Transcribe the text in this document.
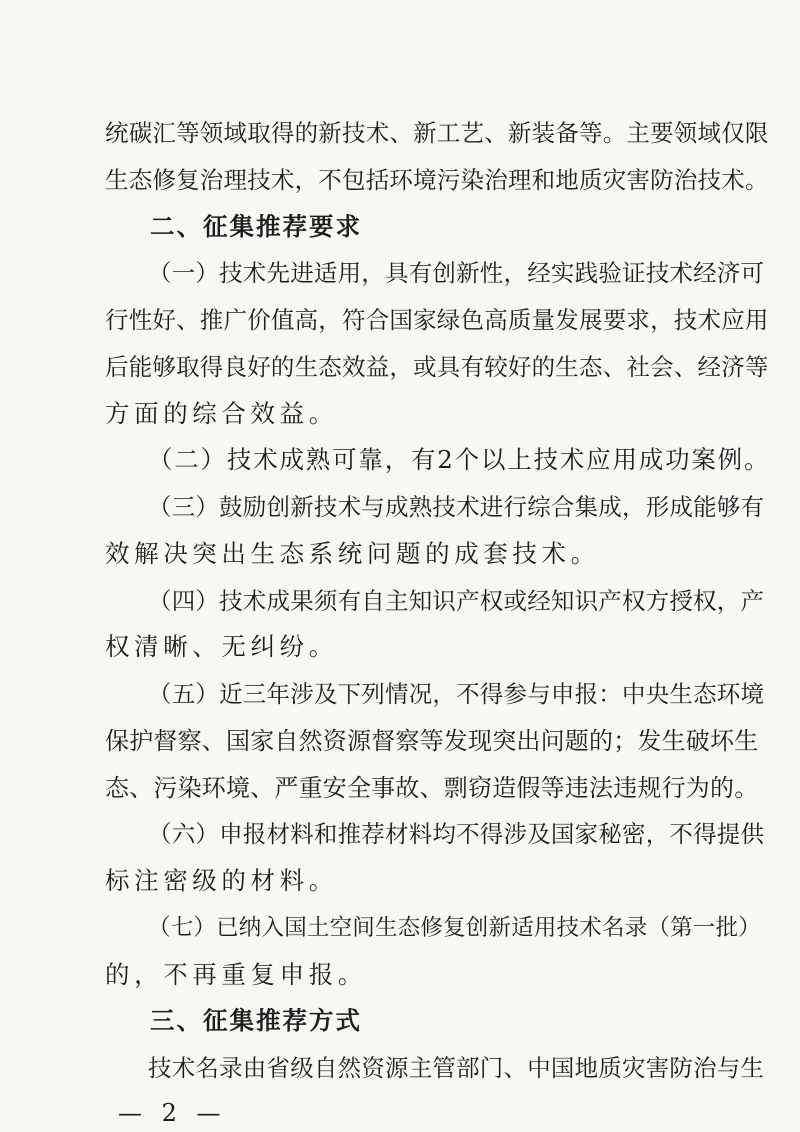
统碳汇等领域取得的新技术、新工艺、新装备等。主要领域仅限
生态修复治理技术，不包括环境污染治理和地质灾害防治技术。
二、征集推荐要求
（一）技术先进适用，具有创新性，经实践验证技术经济可
行性好、推广价值高，符合国家绿色高质量发展要求，技术应用
后能够取得良好的生态效益，或具有较好的生态、社会、经济等
方面的综合效益。
（二）技术成熟可靠，有2个以上技术应用成功案例。
（三）鼓励创新技术与成熟技术进行综合集成，形成能够有
效解决突出生态系统问题的成套技术。
（四）技术成果须有自主知识产权或经知识产权方授权，产
权清晰、无纠纷。
（五）近三年涉及下列情况，不得参与申报：中央生态环境
保护督察、国家自然资源督察等发现突出问题的；发生破坏生
态、污染环境、严重安全事故、剽窃造假等违法违规行为的。
（六）申报材料和推荐材料均不得涉及国家秘密，不得提供
标注密级的材料。
（七）已纳入国土空间生态修复创新适用技术名录（第一批）
的，不再重复申报。
三、征集推荐方式
技术名录由省级自然资源主管部门、中国地质灾害防治与生
— 2 —
